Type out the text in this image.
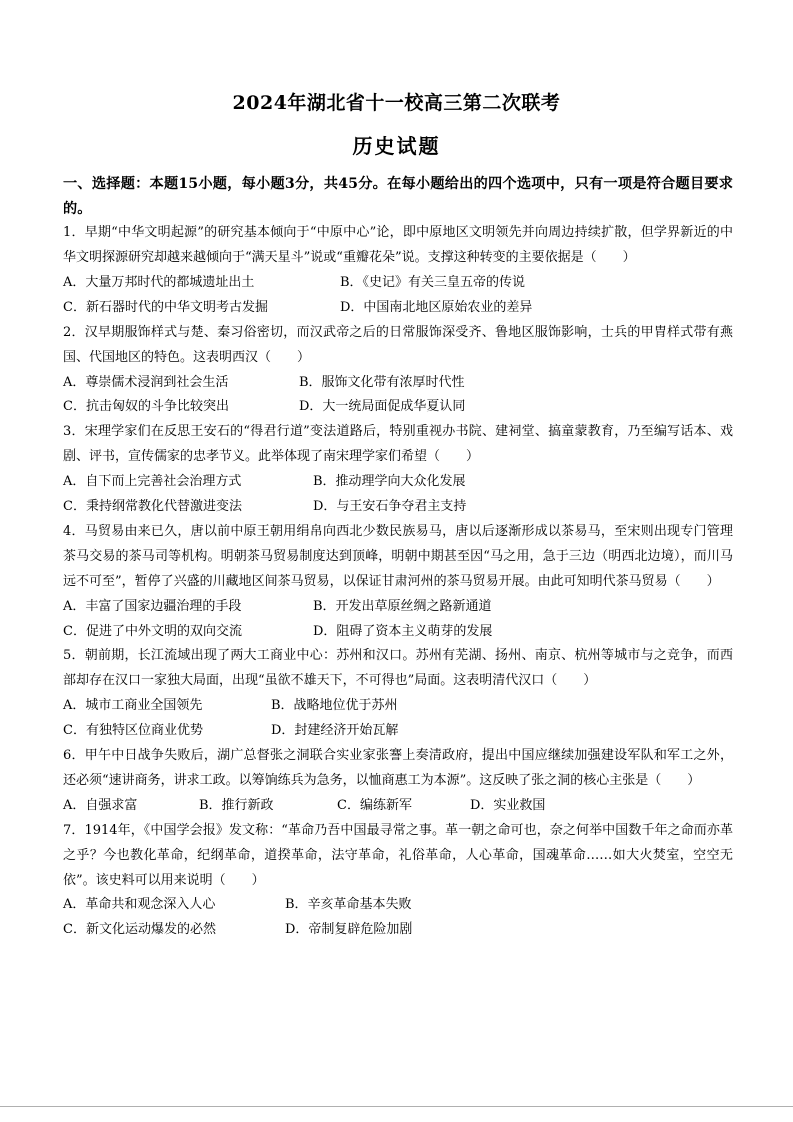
2024年湖北省十一校高三第二次联考
历史试题
一、选择题：本题15小题，每小题3分，共45分。在每小题给出的四个选项中，只有一项是符合题目要求的。
1．早期“中华文明起源”的研究基本倾向于“中原中心”论，即中原地区文明领先并向周边持续扩散，但学界新近的中华文明探源研究却越来越倾向于“满天星斗”说或“重瓣花朵”说。支撑这种转变的主要依据是（　　）
A．大量万邦时代的都城遗址出土	B．《史记》有关三皇五帝的传说
C．新石器时代的中华文明考古发掘	D．中国南北地区原始农业的差异
2．汉早期服饰样式与楚、秦习俗密切，而汉武帝之后的日常服饰深受齐、鲁地区服饰影响，士兵的甲胄样式带有燕国、代国地区的特色。这表明西汉（　　）
A．尊崇儒术浸润到社会生活	B．服饰文化带有浓厚时代性
C．抗击匈奴的斗争比较突出	D．大一统局面促成华夏认同
3．宋理学家们在反思王安石的“得君行道”变法道路后，特别重视办书院、建祠堂、搞童蒙教育，乃至编写话本、戏剧、评书，宣传儒家的忠孝节义。此举体现了南宋理学家们希望（　　）
A．自下而上完善社会治理方式	B．推动理学向大众化发展
C．秉持纲常教化代替激进变法	D．与王安石争夺君主支持
4．马贸易由来已久，唐以前中原王朝用绢帛向西北少数民族易马，唐以后逐渐形成以茶易马，至宋则出现专门管理茶马交易的茶马司等机构。明朝茶马贸易制度达到顶峰，明朝中期甚至因“马之用，急于三边（明西北边境），而川马远不可至”，暂停了兴盛的川藏地区间茶马贸易，以保证甘肃河州的茶马贸易开展。由此可知明代茶马贸易（　　）
A．丰富了国家边疆治理的手段	B．开发出草原丝绸之路新通道
C．促进了中外文明的双向交流	D．阻碍了资本主义萌芽的发展
5．朝前期，长江流域出现了两大工商业中心：苏州和汉口。苏州有芜湖、扬州、南京、杭州等城市与之竞争，而西部却存在汉口一家独大局面，出现“虽欲不雄天下，不可得也”局面。这表明清代汉口（　　）
A．城市工商业全国领先	B．战略地位优于苏州
C．有独特区位商业优势	D．封建经济开始瓦解
6．甲午中日战争失败后，湖广总督张之洞联合实业家张謇上奏清政府，提出中国应继续加强建设军队和军工之外，还必须“速讲商务，讲求工政。以筹饷练兵为急务，以恤商惠工为本源”。这反映了张之洞的核心主张是（　　）
A．自强求富	B．推行新政	C．编练新军	D．实业救国
7．1914年，《中国学会报》发文称：“革命乃吾中国最寻常之事。革一朝之命可也，奈之何举中国数千年之命而亦革之乎？今也教化革命，纪纲革命，道揆革命，法守革命，礼俗革命，人心革命，国魂革命……如大火焚室，空空无依”。该史料可以用来说明（　　）
A．革命共和观念深入人心	B．辛亥革命基本失败
C．新文化运动爆发的必然	D．帝制复辟危险加剧
